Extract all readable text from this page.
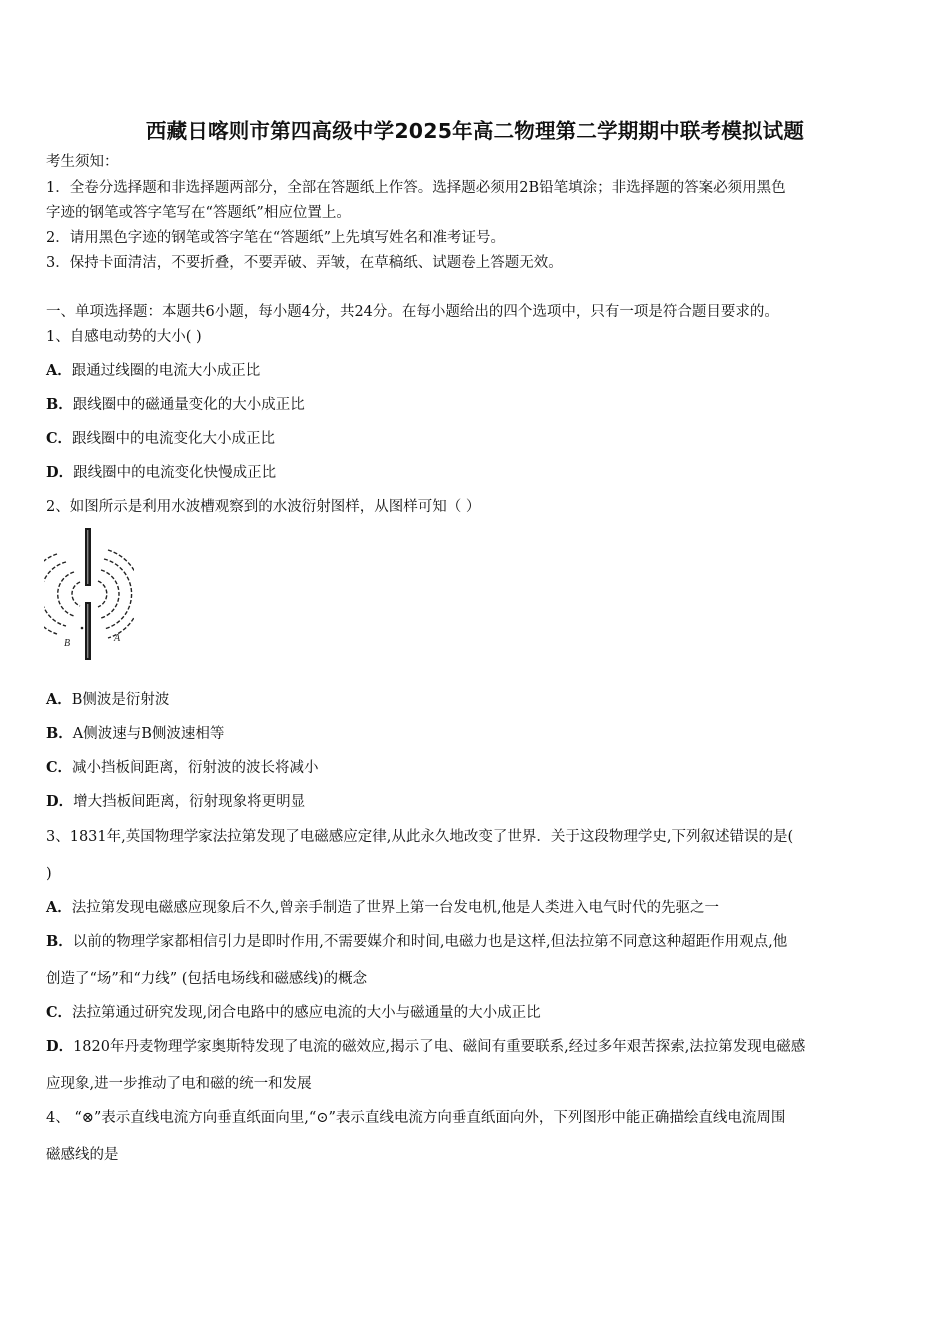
西藏日喀则市第四高级中学2025年高二物理第二学期期中联考模拟试题
考生须知：
1．全卷分选择题和非选择题两部分，全部在答题纸上作答。选择题必须用2B铅笔填涂；非选择题的答案必须用黑色
字迹的钢笔或答字笔写在“答题纸”相应位置上。
2．请用黑色字迹的钢笔或答字笔在“答题纸”上先填写姓名和准考证号。
3．保持卡面清洁，不要折叠，不要弄破、弄皱，在草稿纸、试题卷上答题无效。
一、单项选择题：本题共6小题，每小题4分，共24分。在每小题给出的四个选项中，只有一项是符合题目要求的。
1、自感电动势的大小( )
A．跟通过线圈的电流大小成正比
B．跟线圈中的磁通量变化的大小成正比
C．跟线圈中的电流变化大小成正比
D．跟线圈中的电流变化快慢成正比
2、如图所示是利用水波槽观察到的水波衍射图样，从图样可知（ ）
B	A
A．B侧波是衍射波
B．A侧波速与B侧波速相等
C．减小挡板间距离，衍射波的波长将减小
D．增大挡板间距离，衍射现象将更明显
3、1831年,英国物理学家法拉第发现了电磁感应定律,从此永久地改变了世界．关于这段物理学史,下列叙述错误的是(
)
A．法拉第发现电磁感应现象后不久,曾亲手制造了世界上第一台发电机,他是人类进入电气时代的先驱之一
B．以前的物理学家都相信引力是即时作用,不需要媒介和时间,电磁力也是这样,但法拉第不同意这种超距作用观点,他
创造了“场”和“力线” (包括电场线和磁感线)的概念
C．法拉第通过研究发现,闭合电路中的感应电流的大小与磁通量的大小成正比
D．1820年丹麦物理学家奥斯特发现了电流的磁效应,揭示了电、磁间有重要联系,经过多年艰苦探索,法拉第发现电磁感
应现象,进一步推动了电和磁的统一和发展
4、 “⊗”表示直线电流方向垂直纸面向里,“⊙”表示直线电流方向垂直纸面向外，下列图形中能正确描绘直线电流周围
磁感线的是
